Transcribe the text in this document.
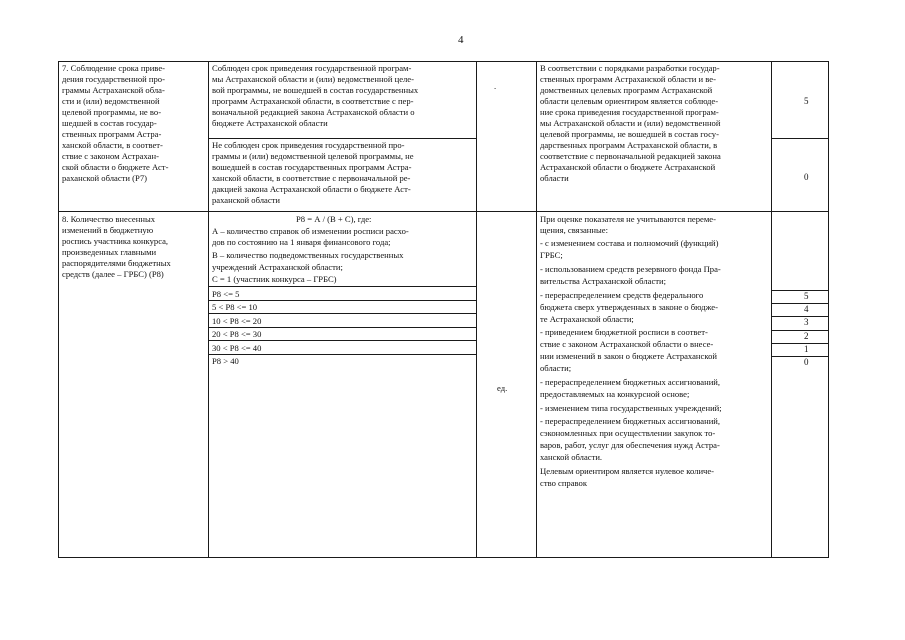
4
7. Соблюдение срока приве-
дения государственной про-
граммы Астраханской обла-
сти и (или) ведомственной
целевой программы, не во-
шедшей в состав государ-
ственных программ Астра-
ханской области, в соответ-
ствие с законом Астрахан-
ской области о бюджете Аст-
раханской области (Р7)
Соблюден срок приведения государственной програм-
мы Астраханской области и (или) ведомственной целе-
вой программы, не вошедшей в состав государственных
программ Астраханской области, в соответствие с пер-
воначальной редакцией закона Астраханской области о
бюджете Астраханской области
Не соблюден срок приведения государственной про-
граммы и (или) ведомственной целевой программы, не
вошедшей в состав государственных программ Астра-
ханской области, в соответствие с первоначальной ре-
дакцией закона Астраханской области о бюджете Аст-
раханской области
.
В соответствии с порядками разработки государ-
ственных программ Астраханской области и ве-
домственных целевых программ Астраханской
области целевым ориентиром является соблюде-
ние срока приведения государственной програм-
мы Астраханской области и (или) ведомственной
целевой программы, не вошедшей в состав госу-
дарственных программ Астраханской области, в
соответствие с первоначальной редакцией закона
Астраханской области о бюджете Астраханской
области
5
0
8. Количество внесенных
изменений в бюджетную
роспись участника конкурса,
произведенных главными
распорядителями бюджетных
средств (далее – ГРБС) (Р8)
Р8 = А / (В + С), где:
А – количество справок об изменении росписи расхо-
дов по состоянию на 1 января финансового года;
В – количество подведомственных государственных
учреждений Астраханской области;
С = 1 (участник конкурса – ГРБС)
Р8 <= 5
5 < Р8 <= 10
10 < Р8 <= 20
20 < Р8 <= 30
30 < Р8 <= 40
Р8 > 40
ед.
При оценке показателя не учитываются переме-
щения, связанные:
- с изменением состава и полномочий (функций)
ГРБС;
- использованием средств резервного фонда Пра-
вительства Астраханской области;
- перераспределением средств федерального
бюджета сверх утвержденных в законе о бюдже-
те Астраханской области;
- приведением бюджетной росписи в соответ-
ствие с законом Астраханской области о внесе-
нии изменений в закон о бюджете Астраханской
области;
- перераспределением бюджетных ассигнований,
предоставляемых на конкурсной основе;
- изменением типа государственных учреждений;
- перераспределением бюджетных ассигнований,
сэкономленных при осуществлении закупок то-
варов, работ, услуг для обеспечения нужд Астра-
ханской области.
Целевым ориентиром является нулевое количе-
ство справок
5
4
3
2
1
0
